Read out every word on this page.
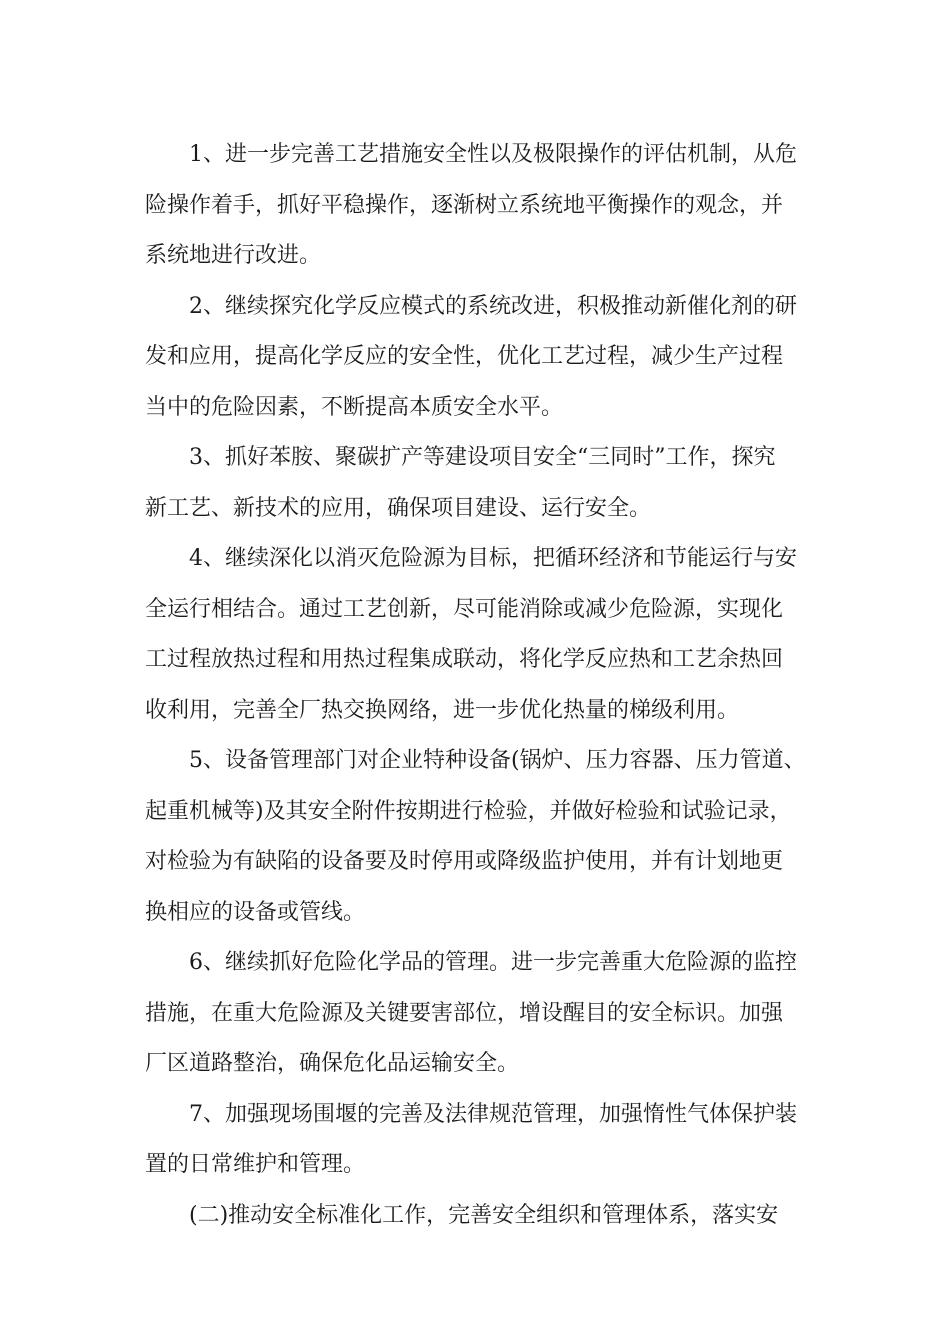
1、进一步完善工艺措施安全性以及极限操作的评估机制，从危
险操作着手，抓好平稳操作，逐渐树立系统地平衡操作的观念，并
系统地进行改进。
2、继续探究化学反应模式的系统改进，积极推动新催化剂的研
发和应用，提高化学反应的安全性，优化工艺过程，减少生产过程
当中的危险因素，不断提高本质安全水平。
3、抓好苯胺、聚碳扩产等建设项目安全“三同时”工作，探究
新工艺、新技术的应用，确保项目建设、运行安全。
4、继续深化以消灭危险源为目标，把循环经济和节能运行与安
全运行相结合。通过工艺创新，尽可能消除或减少危险源，实现化
工过程放热过程和用热过程集成联动，将化学反应热和工艺余热回
收利用，完善全厂热交换网络，进一步优化热量的梯级利用。
5、设备管理部门对企业特种设备(锅炉、压力容器、压力管道、
起重机械等)及其安全附件按期进行检验，并做好检验和试验记录，
对检验为有缺陷的设备要及时停用或降级监护使用，并有计划地更
换相应的设备或管线。
6、继续抓好危险化学品的管理。进一步完善重大危险源的监控
措施，在重大危险源及关键要害部位，增设醒目的安全标识。加强
厂区道路整治，确保危化品运输安全。
7、加强现场围堰的完善及法律规范管理，加强惰性气体保护装
置的日常维护和管理。
(二)推动安全标准化工作，完善安全组织和管理体系，落实安
